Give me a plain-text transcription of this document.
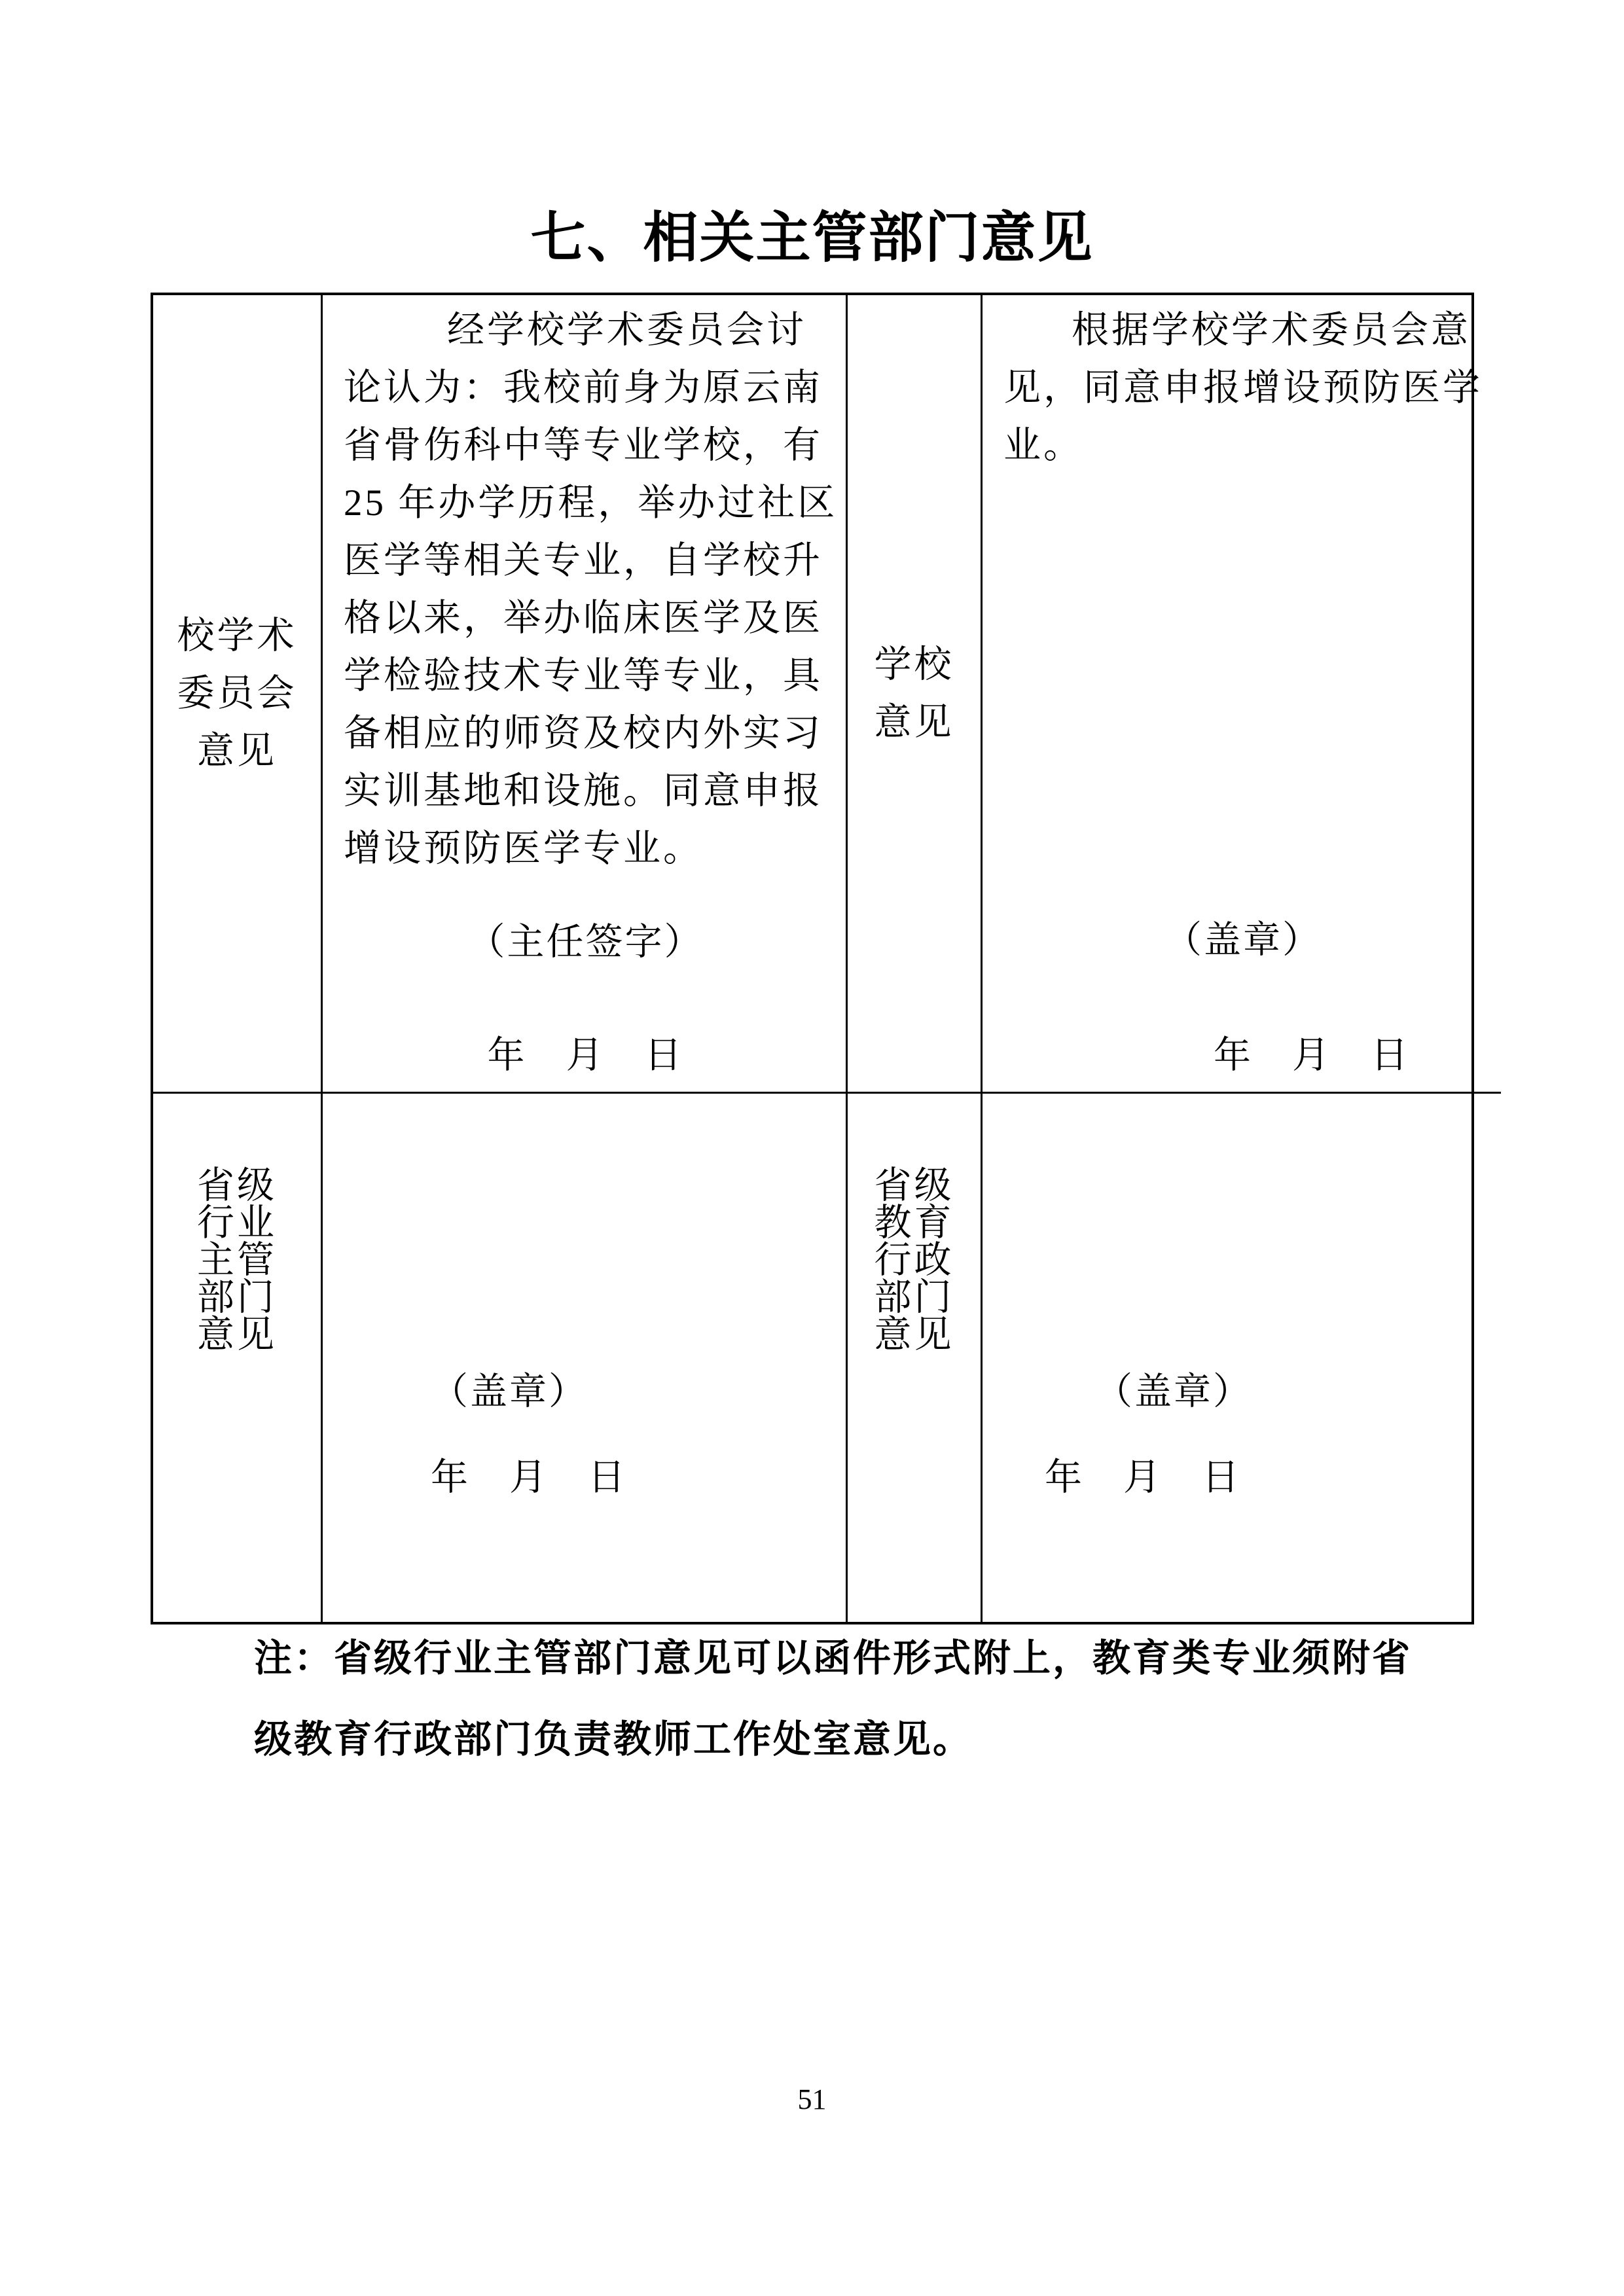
七、相关主管部门意见
校学术
委员会
意见
经学校学术委员会讨
论认为：我校前身为原云南
省骨伤科中等专业学校，有
25 年办学历程，举办过社区
医学等相关专业，自学校升
格以来，举办临床医学及医
学检验技术专业等专业，具
备相应的师资及校内外实习
实训基地和设施。同意申报
增设预防医学专业。
（主任签字）
年　月　日
学校
意见
根据学校学术委员会意
见，同意申报增设预防医学
业。
（盖章）
年　月　日
省级
行业
主管
部门
意见
（盖章）
年　月　日
省级
教育
行政
部门
意见
（盖章）
年　月　日
注：省级行业主管部门意见可以函件形式附上，教育类专业须附省
级教育行政部门负责教师工作处室意见。
51
